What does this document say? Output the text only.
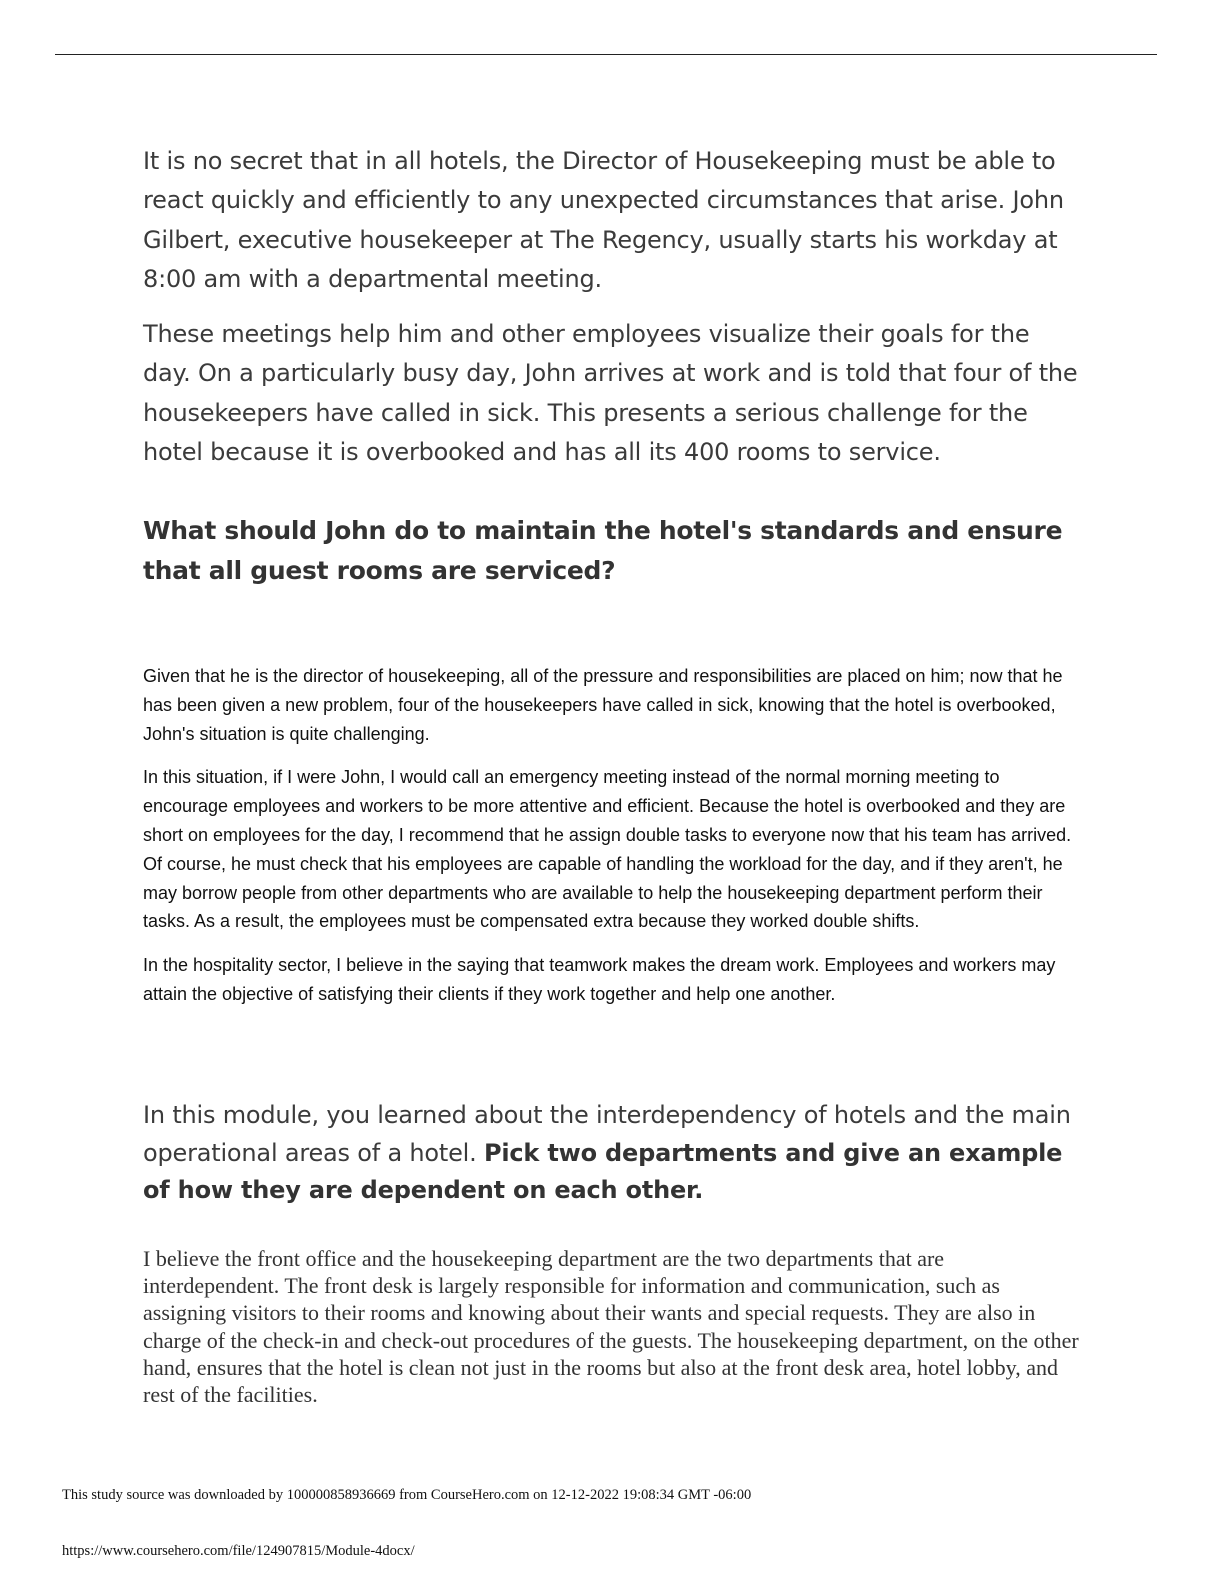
It is no secret that in all hotels, the Director of Housekeeping must be able to react quickly and efficiently to any unexpected circumstances that arise. John Gilbert, executive housekeeper at The Regency, usually starts his workday at 8:00 am with a departmental meeting.

These meetings help him and other employees visualize their goals for the day. On a particularly busy day, John arrives at work and is told that four of the housekeepers have called in sick. This presents a serious challenge for the hotel because it is overbooked and has all its 400 rooms to service.

What should John do to maintain the hotel's standards and ensure that all guest rooms are serviced?

Given that he is the director of housekeeping, all of the pressure and responsibilities are placed on him; now that he has been given a new problem, four of the housekeepers have called in sick, knowing that the hotel is overbooked, John's situation is quite challenging.

In this situation, if I were John, I would call an emergency meeting instead of the normal morning meeting to encourage employees and workers to be more attentive and efficient. Because the hotel is overbooked and they are short on employees for the day, I recommend that he assign double tasks to everyone now that his team has arrived. Of course, he must check that his employees are capable of handling the workload for the day, and if they aren't, he may borrow people from other departments who are available to help the housekeeping department perform their tasks. As a result, the employees must be compensated extra because they worked double shifts.

In the hospitality sector, I believe in the saying that teamwork makes the dream work. Employees and workers may attain the objective of satisfying their clients if they work together and help one another.

In this module, you learned about the interdependency of hotels and the main operational areas of a hotel. Pick two departments and give an example of how they are dependent on each other.
I believe the front office and the housekeeping department are the two departments that are interdependent. The front desk is largely responsible for information and communication, such as assigning visitors to their rooms and knowing about their wants and special requests. They are also in charge of the check-in and check-out procedures of the guests. The housekeeping department, on the other hand, ensures that the hotel is clean not just in the rooms but also at the front desk area, hotel lobby, and rest of the facilities.
This study source was downloaded by 100000858936669 from CourseHero.com on 12-12-2022 19:08:34 GMT -06:00
https://www.coursehero.com/file/124907815/Module-4docx/
